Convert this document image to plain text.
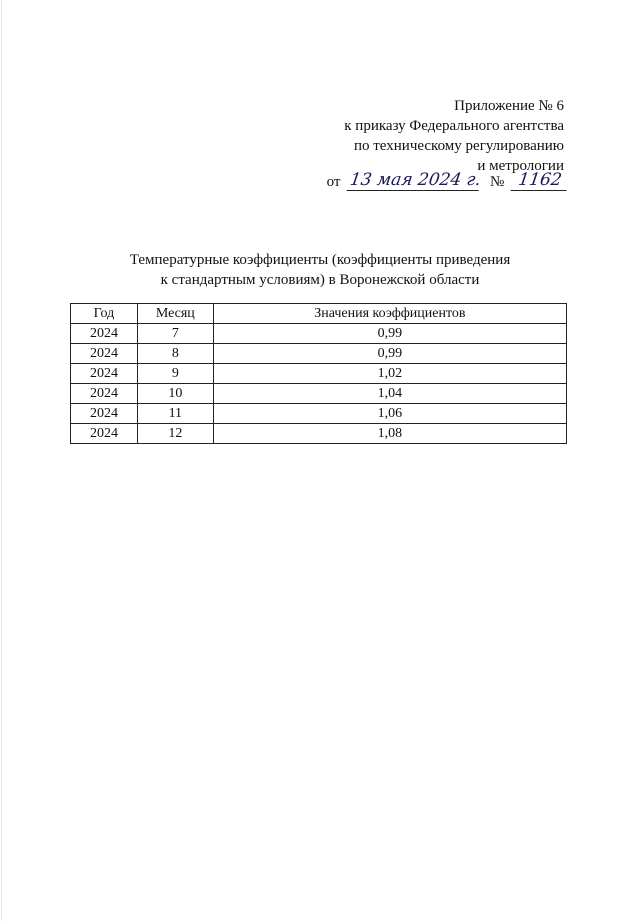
Приложение № 6
к приказу Федерального агентства
по техническому регулированию
и метрологии
от 13 мая 2024 г. № 1162
Температурные коэффициенты (коэффициенты приведения
к стандартным условиям) в Воронежской области
Год	Месяц	Значения коэффициентов
2024	7	0,99
2024	8	0,99
2024	9	1,02
2024	10	1,04
2024	11	1,06
2024	12	1,08
